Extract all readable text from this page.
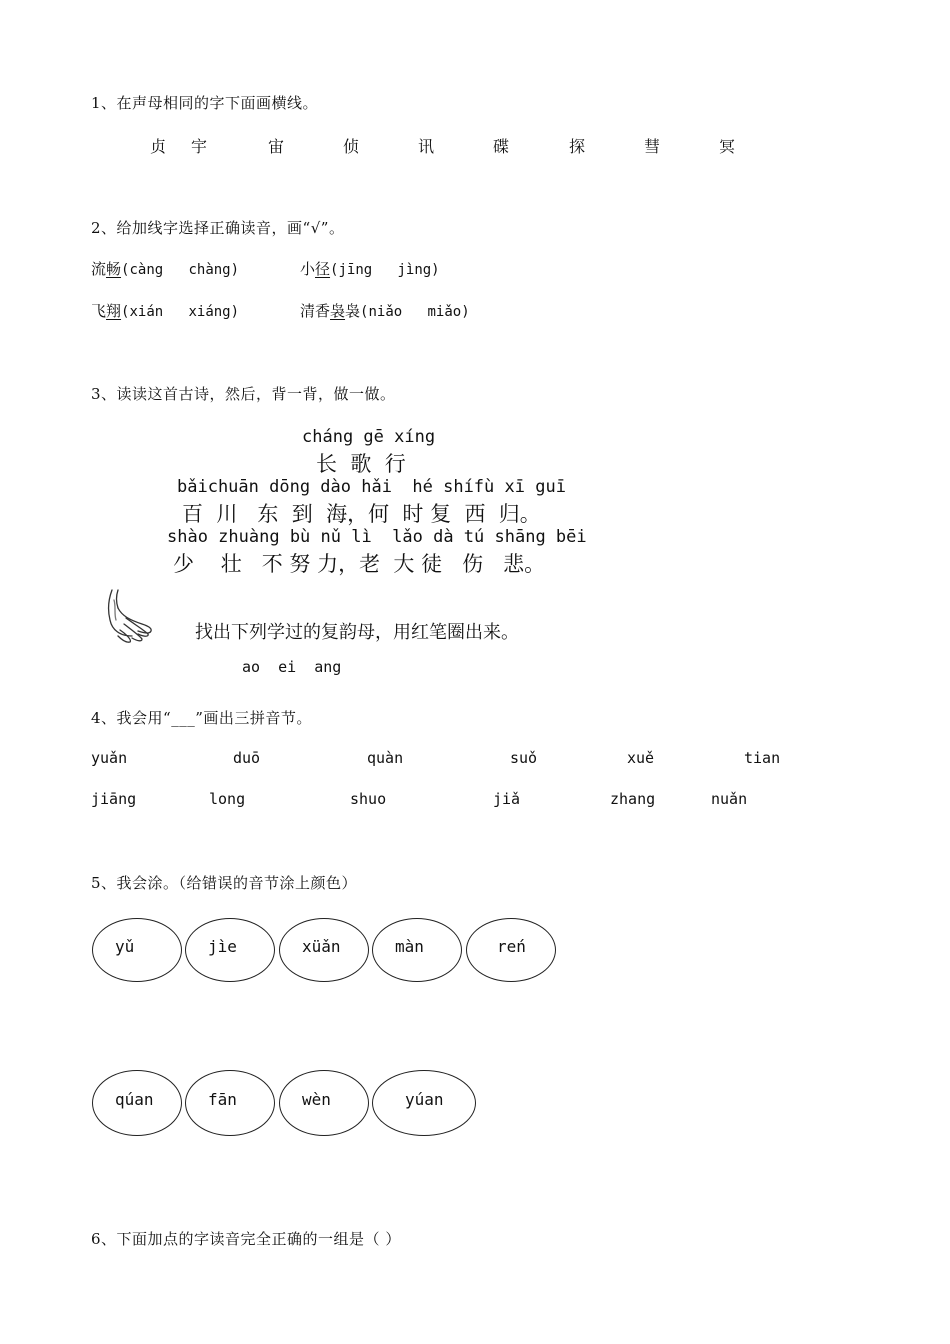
1、在声母相同的字下面画横线。
贞 宇	宙	侦	讯	碟	探	彗	冥
2、给加线字选择正确读音，画“√”。
流畅(càng   chàng)	小径(jīng   jìng)
飞翔(xián   xiáng)	清香袅袅(niǎo   miǎo)
3、读读这首古诗，然后，背一背，做一做。
cháng gē xíng
长  歌  行
bǎichuān dōng dào hǎi  hé shífù xī guī
百  川   东  到  海，何  时 复  西  归。
shào zhuàng bù nǔ lì  lǎo dà tú shāng bēi
少    壮   不 努 力，老  大 徒   伤   悲。
找出下列学过的复韵母，用红笔圈出来。
ao  ei  ang
4、我会用“___”画出三拼音节。
yuǎn	duō	quàn	suǒ	xuě	tian
jiāng	long	shuo	jiǎ	zhang	nuǎn
5、我会涂。（给错误的音节涂上颜色）
yǔ	jìe	xüǎn	màn	reń
qúan	fān	wèn	yúan
6、下面加点的字读音完全正确的一组是（ ）
